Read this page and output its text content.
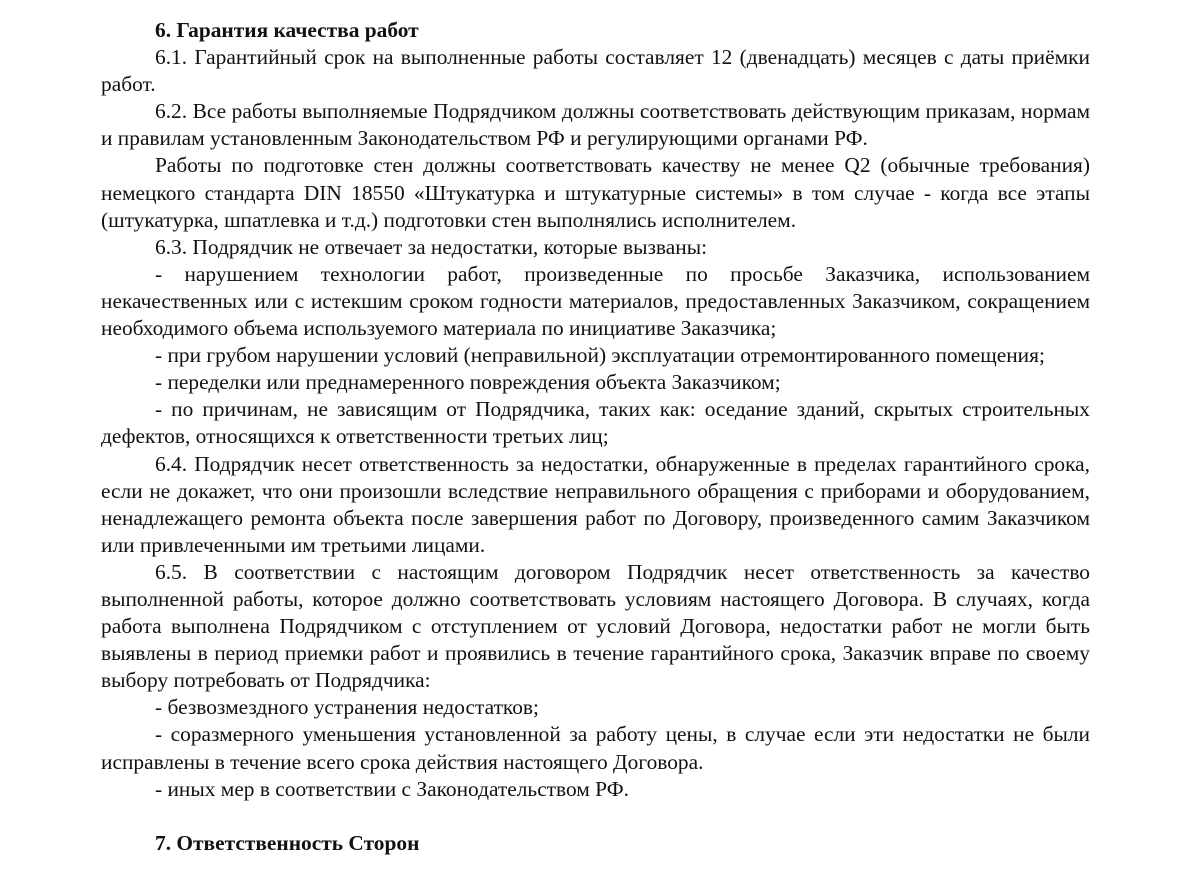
6. Гарантия качества работ
6.1. Гарантийный срок на выполненные работы составляет 12 (двенадцать) месяцев с даты приёмки работ.
6.2. Все работы выполняемые Подрядчиком должны соответствовать действующим приказам, нормам и правилам установленным Законодательством РФ и регулирующими органами РФ.
Работы по подготовке стен должны соответствовать качеству не менее Q2 (обычные требования) немецкого стандарта DIN 18550 «Штукатурка и штукатурные системы» в том случае - когда все этапы (штукатурка, шпатлевка и т.д.) подготовки стен выполнялись исполнителем.
6.3. Подрядчик не отвечает за недостатки, которые вызваны:
- нарушением технологии работ, произведенные по просьбе Заказчика, использованием некачественных или с истекшим сроком годности материалов, предоставленных Заказчиком, сокращением необходимого объема используемого материала по инициативе Заказчика;
- при грубом нарушении условий (неправильной) эксплуатации отремонтированного помещения;
- переделки или преднамеренного повреждения объекта Заказчиком;
- по причинам, не зависящим от Подрядчика, таких как: оседание зданий, скрытых строительных дефектов, относящихся к ответственности третьих лиц;
6.4. Подрядчик несет ответственность за недостатки, обнаруженные в пределах гарантийного срока, если не докажет, что они произошли вследствие неправильного обращения с приборами и оборудованием, ненадлежащего ремонта объекта после завершения работ по Договору, произведенного самим Заказчиком или привлеченными им третьими лицами.
6.5. В соответствии с настоящим договором Подрядчик несет ответственность за качество выполненной работы, которое должно соответствовать условиям настоящего Договора. В случаях, когда работа выполнена Подрядчиком с отступлением от условий Договора, недостатки работ не могли быть выявлены в период приемки работ и проявились в течение гарантийного срока, Заказчик вправе по своему выбору потребовать от Подрядчика:
- безвозмездного устранения недостатков;
- соразмерного уменьшения установленной за работу цены, в случае если эти недостатки не были исправлены в течение всего срока действия настоящего Договора.
- иных мер в соответствии с Законодательством РФ.
7. Ответственность Сторон
